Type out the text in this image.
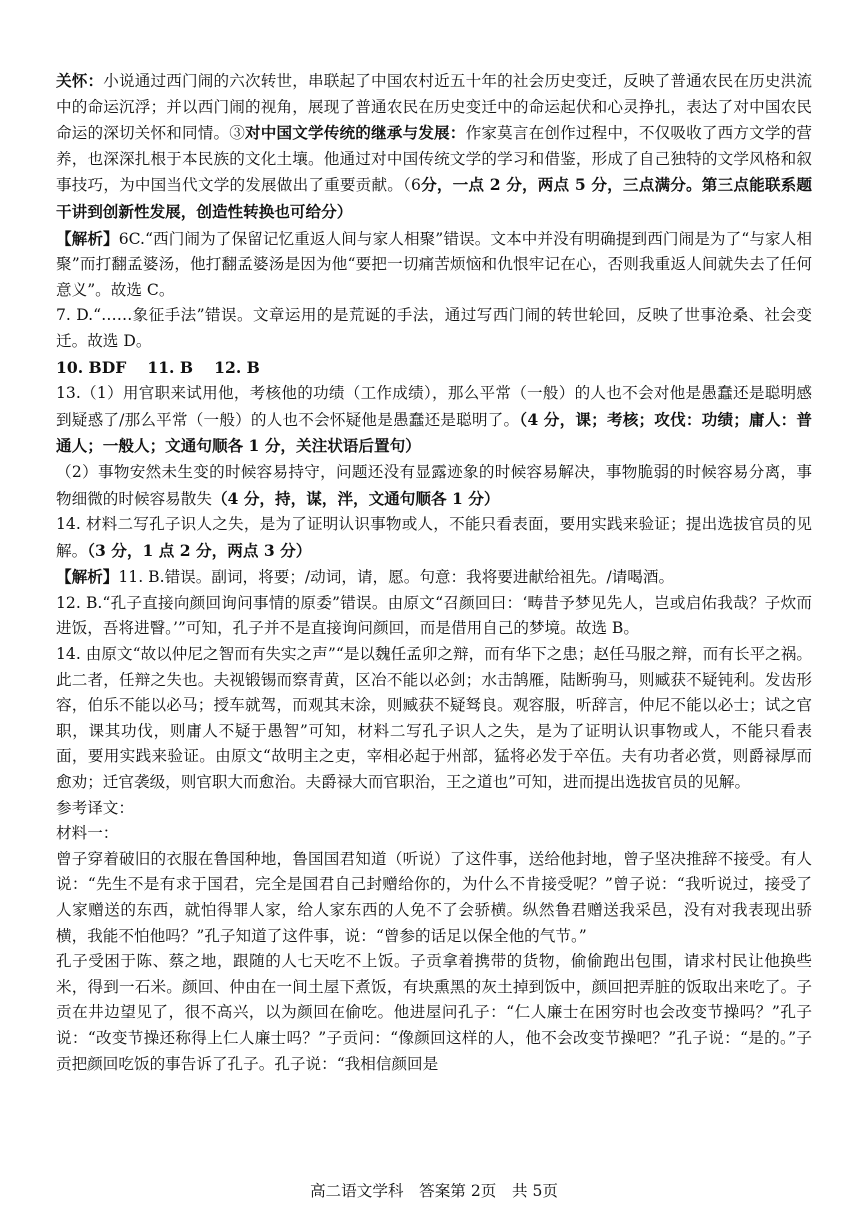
关怀：小说通过西门闹的六次转世，串联起了中国农村近五十年的社会历史变迁，反映了普通农民在历史洪流中的命运沉浮；并以西门闹的视角，展现了普通农民在历史变迁中的命运起伏和心灵挣扎，表达了对中国农民命运的深切关怀和同情。③对中国文学传统的继承与发展：作家莫言在创作过程中，不仅吸收了西方文学的营养，也深深扎根于本民族的文化土壤。他通过对中国传统文学的学习和借鉴，形成了自己独特的文学风格和叙事技巧，为中国当代文学的发展做出了重要贡献。（6分，一点 2 分，两点 5 分，三点满分。第三点能联系题干讲到创新性发展，创造性转换也可给分）

【解析】6C.“西门闹为了保留记忆重返人间与家人相聚”错误。文本中并没有明确提到西门闹是为了“与家人相聚”而打翻孟婆汤，他打翻孟婆汤是因为他“要把一切痛苦烦恼和仇恨牢记在心，否则我重返人间就失去了任何意义”。故选 C。

7. D.“……象征手法”错误。文章运用的是荒诞的手法，通过写西门闹的转世轮回，反映了世事沧桑、社会变迁。故选 D。

10. BDF　 11. B　 12. B

13.（1）用官职来试用他，考核他的功绩（工作成绩），那么平常（一般）的人也不会对他是愚蠢还是聪明感到疑惑了/那么平常（一般）的人也不会怀疑他是愚蠢还是聪明了。（4 分，课；考核；攻伐：功绩；庸人：普通人；一般人；文通句顺各 1 分，关注状语后置句）

（2）事物安然未生变的时候容易持守，问题还没有显露迹象的时候容易解决，事物脆弱的时候容易分离，事物细微的时候容易散失（4 分，持，谋，泮，文通句顺各 1 分）

14. 材料二写孔子识人之失，是为了证明认识事物或人，不能只看表面，要用实践来验证；提出选拔官员的见解。（3 分，1 点 2 分，两点 3 分）

【解析】11. B.错误。副词，将要；/动词，请，愿。句意：我将要进献给祖先。/请喝酒。

12. B.“孔子直接向颜回询问事情的原委”错误。由原文“召颜回曰：‘畴昔予梦见先人，岂或启佑我哉？子炊而进饭，吾将进瞖。’”可知，孔子并不是直接询问颜回，而是借用自己的梦境。故选 B。

14. 由原文“故以仲尼之智而有失实之声”“是以魏任孟卯之辩，而有华下之患；赵任马服之辩，而有长平之祸。此二者，任辩之失也。夫视锻锡而察青黄，区冶不能以必剑；水击鹄雁，陆断驹马，则臧获不疑钝利。发齿形容，伯乐不能以必马；授车就驾，而观其末涂，则臧获不疑驽良。观容服，听辞言，仲尼不能以必士；试之官职，课其功伐，则庸人不疑于愚智”可知，材料二写孔子识人之失，是为了证明认识事物或人，不能只看表面，要用实践来验证。由原文“故明主之吏，宰相必起于州部，猛将必发于卒伍。夫有功者必赏，则爵禄厚而愈劝；迁官袭级，则官职大而愈治。夫爵禄大而官职治，王之道也”可知，进而提出选拔官员的见解。

参考译文：

材料一：

曾子穿着破旧的衣服在鲁国种地，鲁国国君知道（听说）了这件事，送给他封地，曾子坚决推辞不接受。有人说：“先生不是有求于国君，完全是国君自己封赠给你的，为什么不肯接受呢？”曾子说：“我听说过，接受了人家赠送的东西，就怕得罪人家，给人家东西的人免不了会骄横。纵然鲁君赠送我采邑，没有对我表现出骄横，我能不怕他吗？”孔子知道了这件事，说：“曾参的话足以保全他的气节。”

孔子受困于陈、蔡之地，跟随的人七天吃不上饭。子贡拿着携带的货物，偷偷跑出包围，请求村民让他换些米，得到一石米。颜回、仲由在一间土屋下煮饭，有块熏黑的灰土掉到饭中，颜回把弄脏的饭取出来吃了。子贡在井边望见了，很不高兴，以为颜回在偷吃。他进屋问孔子：“仁人廉士在困穷时也会改变节操吗？”孔子说：“改变节操还称得上仁人廉士吗？”子贡问：“像颜回这样的人，他不会改变节操吧？”孔子说：“是的。”子贡把颜回吃饭的事告诉了孔子。孔子说：“我相信颜回是

高二语文学科　答案第 2页　共 5页
